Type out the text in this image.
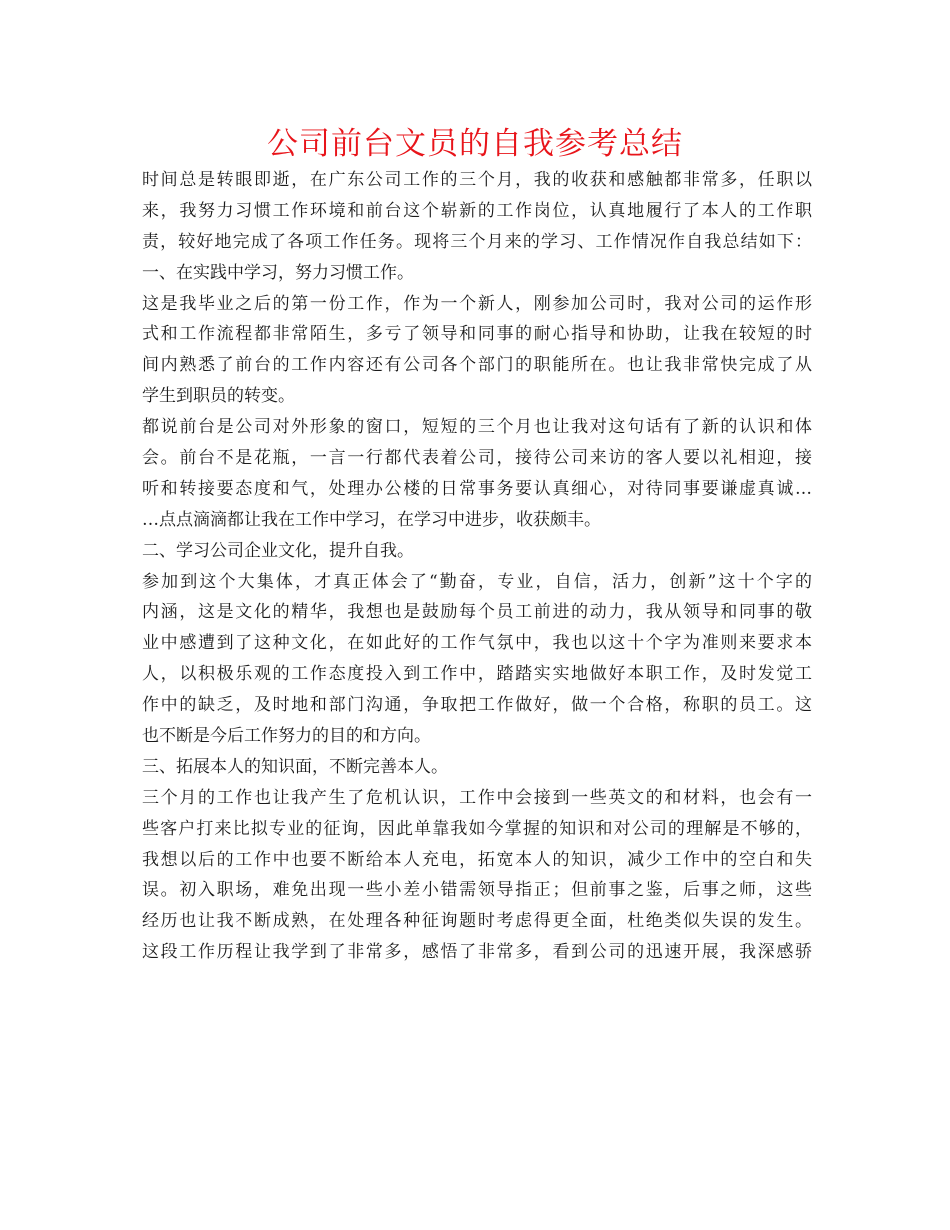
公司前台文员的自我参考总结
时间总是转眼即逝，在广东公司工作的三个月，我的收获和感触都非常多，任职以
来，我努力习惯工作环境和前台这个崭新的工作岗位，认真地履行了本人的工作职
责，较好地完成了各项工作任务。现将三个月来的学习、工作情况作自我总结如下：
一、在实践中学习，努力习惯工作。
这是我毕业之后的第一份工作，作为一个新人，刚参加公司时，我对公司的运作形
式和工作流程都非常陌生，多亏了领导和同事的耐心指导和协助，让我在较短的时
间内熟悉了前台的工作内容还有公司各个部门的职能所在。也让我非常快完成了从
学生到职员的转变。
都说前台是公司对外形象的窗口，短短的三个月也让我对这句话有了新的认识和体
会。前台不是花瓶，一言一行都代表着公司，接待公司来访的客人要以礼相迎，接
听和转接要态度和气，处理办公楼的日常事务要认真细心，对待同事要谦虚真诚…
…点点滴滴都让我在工作中学习，在学习中进步，收获颇丰。
二、学习公司企业文化，提升自我。
参加到这个大集体，才真正体会了“勤奋，专业，自信，活力，创新”这十个字的
内涵，这是文化的精华，我想也是鼓励每个员工前进的动力，我从领导和同事的敬
业中感遭到了这种文化，在如此好的工作气氛中，我也以这十个字为准则来要求本
人，以积极乐观的工作态度投入到工作中，踏踏实实地做好本职工作，及时发觉工
作中的缺乏，及时地和部门沟通，争取把工作做好，做一个合格，称职的员工。这
也不断是今后工作努力的目的和方向。
三、拓展本人的知识面，不断完善本人。
三个月的工作也让我产生了危机认识，工作中会接到一些英文的和材料，也会有一
些客户打来比拟专业的征询，因此单靠我如今掌握的知识和对公司的理解是不够的，
我想以后的工作中也要不断给本人充电，拓宽本人的知识，减少工作中的空白和失
误。初入职场，难免出现一些小差小错需领导指正；但前事之鉴，后事之师，这些
经历也让我不断成熟，在处理各种征询题时考虑得更全面，杜绝类似失误的发生。
这段工作历程让我学到了非常多，感悟了非常多，看到公司的迅速开展，我深感骄
